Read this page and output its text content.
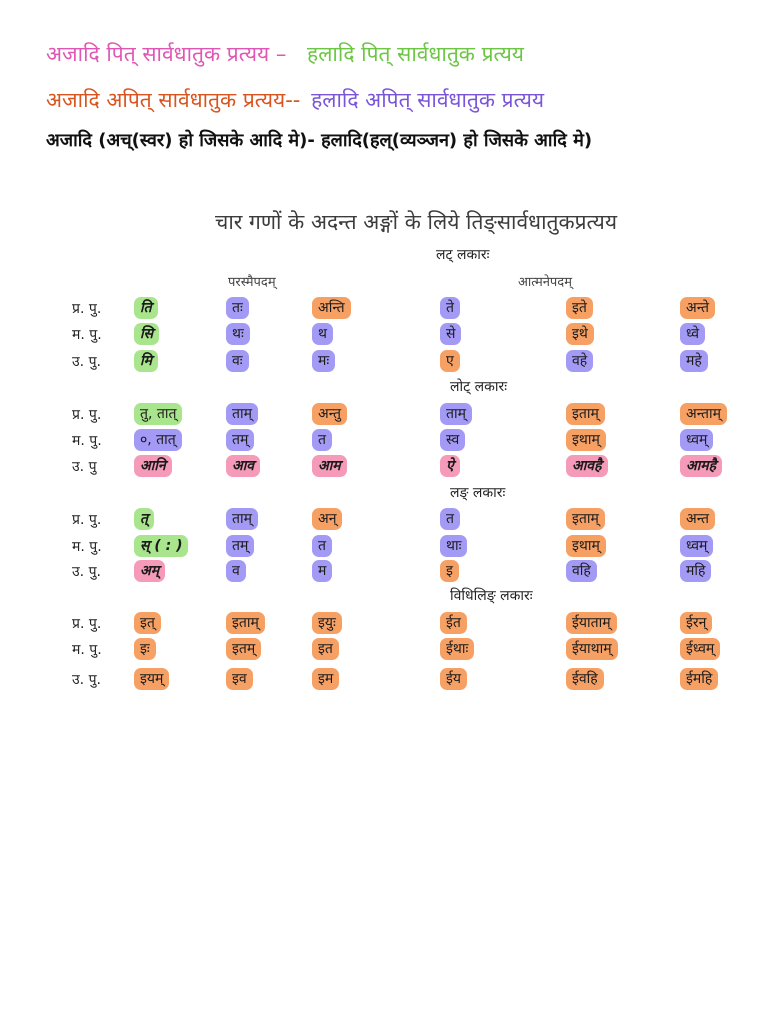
अजादि पित् सार्वधातुक प्रत्यय – हलादि पित् सार्वधातुक प्रत्यय
अजादि अपित् सार्वधातुक प्रत्यय-- हलादि अपित् सार्वधातुक प्रत्यय
अजादि (अच्(स्वर) हो जिसके आदि मे)- हलादि(हल्(व्यञ्जन) हो जिसके आदि मे)
चार गणों के अदन्त अङ्गों के लिये तिङ्सार्वधातुकप्रत्यय
परस्मैपदम्	आत्मनेपदम्
लट् लकारः
प्र. पु.	ति	तः	अन्ति	ते	इते	अन्ते
म. पु.	सि	थः	थ	से	इथे	ध्वे
उ. पु.	मि	वः	मः	ए	वहे	महे
लोट् लकारः
प्र. पु.	तु, तात्	ताम्	अन्तु	ताम्	इताम्	अन्ताम्
म. पु.	०, तात्	तम्	त	स्व	इथाम्	ध्वम्
उ. पु	आनि	आव	आम	ऐ	आवहै	आमहै
लङ् लकारः
प्र. पु.	त्	ताम्	अन्	त	इताम्	अन्त
म. पु.	स् ( : )	तम्	त	थाः	इथाम्	ध्वम्
उ. पु.	अम्	व	म	इ	वहि	महि
विधिलिङ् लकारः
प्र. पु.	इत्	इताम्	इयुः	ईत	ईयाताम्	ईरन्
म. पु.	इः	इतम्	इत	ईथाः	ईयाथाम्	ईध्वम्
उ. पु.	इयम्	इव	इम	ईय	ईवहि	ईमहि
